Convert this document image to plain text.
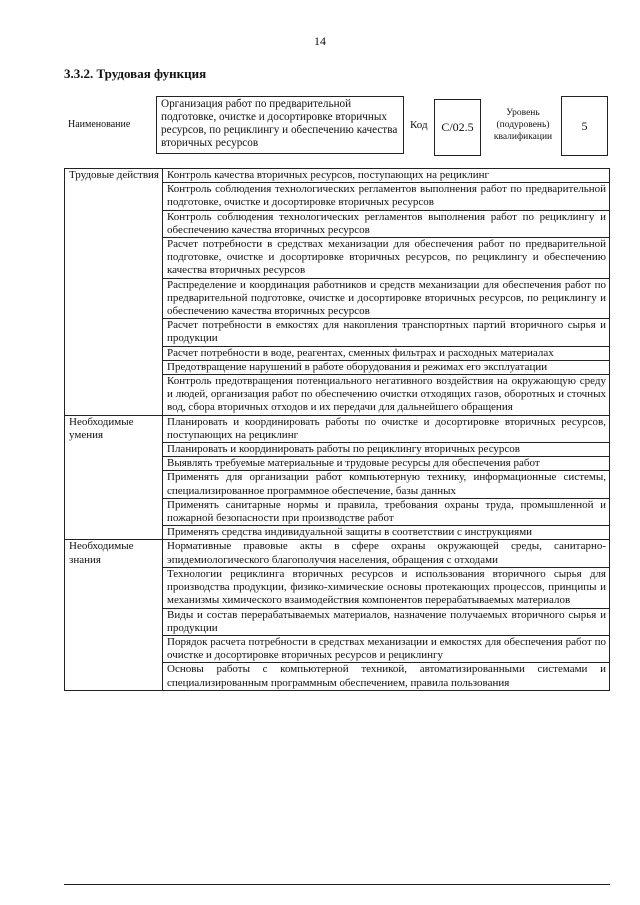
14
3.3.2. Трудовая функция
Наименование
Организация работ по предварительной подготовке, очистке и досортировке вторичных ресурсов, по рециклингу и обеспечению качества вторичных ресурсов
Код	С/02.5
Уровень (подуровень) квалификации
5
Трудовые действия	Контроль качества вторичных ресурсов, поступающих на рециклинг
	Контроль соблюдения технологических регламентов выполнения работ по предварительной подготовке, очистке и досортировке вторичных ресурсов
	Контроль соблюдения технологических регламентов выполнения работ по рециклингу и обеспечению качества вторичных ресурсов
	Расчет потребности в средствах механизации для обеспечения работ по предварительной подготовке, очистке и досортировке вторичных ресурсов, по рециклингу и обеспечению качества вторичных ресурсов
	Распределение и координация работников и средств механизации для обеспечения работ по предварительной подготовке, очистке и досортировке вторичных ресурсов, по рециклингу и обеспечению качества вторичных ресурсов
	Расчет потребности в емкостях для накопления транспортных партий вторичного сырья и продукции
	Расчет потребности в воде, реагентах, сменных фильтрах и расходных материалах
	Предотвращение нарушений в работе оборудования и режимах его эксплуатации
	Контроль предотвращения потенциального негативного воздействия на окружающую среду и людей, организация работ по обеспечению очистки отходящих газов, оборотных и сточных вод, сбора вторичных отходов и их передачи для дальнейшего обращения
Необходимые умения	Планировать и координировать работы по очистке и досортировке вторичных ресурсов, поступающих на рециклинг
	Планировать и координировать работы по рециклингу вторичных ресурсов
	Выявлять требуемые материальные и трудовые ресурсы для обеспечения работ
	Применять для организации работ компьютерную технику, информационные системы, специализированное программное обеспечение, базы данных
	Применять санитарные нормы и правила, требования охраны труда, промышленной и пожарной безопасности при производстве работ
	Применять средства индивидуальной защиты в соответствии с инструкциями
Необходимые знания	Нормативные правовые акты в сфере охраны окружающей среды, санитарно-эпидемиологического благополучия населения, обращения с отходами
	Технологии рециклинга вторичных ресурсов и использования вторичного сырья для производства продукции, физико-химические основы протекающих процессов, принципы и механизмы химического взаимодействия компонентов перерабатываемых материалов
	Виды и состав перерабатываемых материалов, назначение получаемых вторичного сырья и продукции
	Порядок расчета потребности в средствах механизации и емкостях для обеспечения работ по очистке и досортировке вторичных ресурсов и рециклингу
	Основы работы с компьютерной техникой, автоматизированными системами и специализированным программным обеспечением, правила пользования
